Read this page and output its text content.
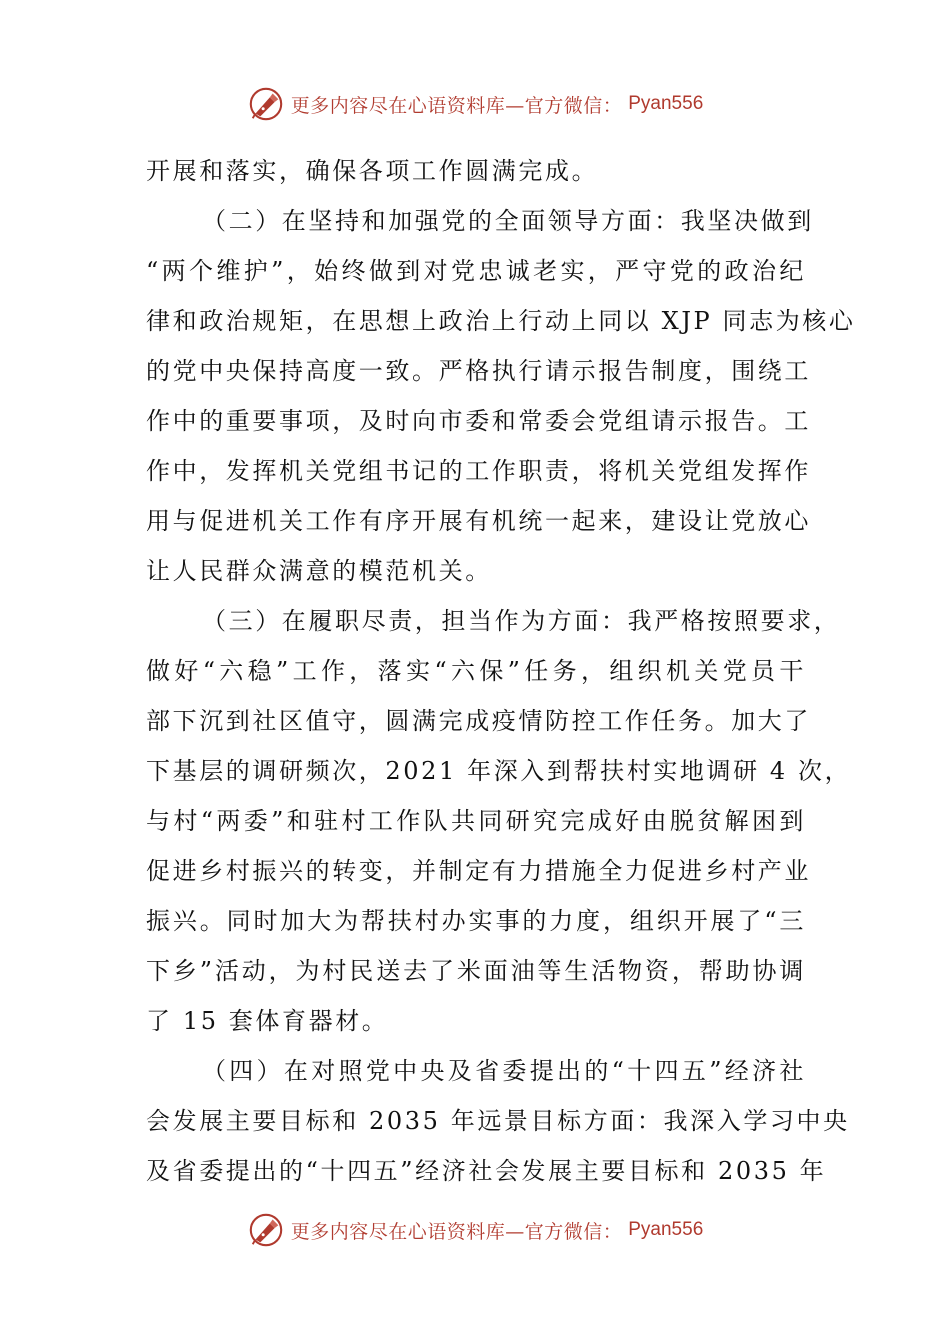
更多内容尽在心语资料库—官方微信： Pyan556
开展和落实，确保各项工作圆满完成。
（二）在坚持和加强党的全面领导方面：我坚决做到
“两个维护”，始终做到对党忠诚老实，严守党的政治纪
律和政治规矩，在思想上政治上行动上同以 XJP 同志为核心
的党中央保持高度一致。严格执行请示报告制度，围绕工
作中的重要事项，及时向市委和常委会党组请示报告。工
作中，发挥机关党组书记的工作职责，将机关党组发挥作
用与促进机关工作有序开展有机统一起来，建设让党放心
让人民群众满意的模范机关。
（三）在履职尽责，担当作为方面：我严格按照要求，
做好“六稳”工作，落实“六保”任务，组织机关党员干
部下沉到社区值守，圆满完成疫情防控工作任务。加大了
下基层的调研频次，2021 年深入到帮扶村实地调研 4 次，
与村“两委”和驻村工作队共同研究完成好由脱贫解困到
促进乡村振兴的转变，并制定有力措施全力促进乡村产业
振兴。同时加大为帮扶村办实事的力度，组织开展了“三
下乡”活动，为村民送去了米面油等生活物资，帮助协调
了 15 套体育器材。
（四）在对照党中央及省委提出的“十四五”经济社
会发展主要目标和 2035 年远景目标方面：我深入学习中央
及省委提出的“十四五”经济社会发展主要目标和 2035 年
更多内容尽在心语资料库—官方微信： Pyan556
